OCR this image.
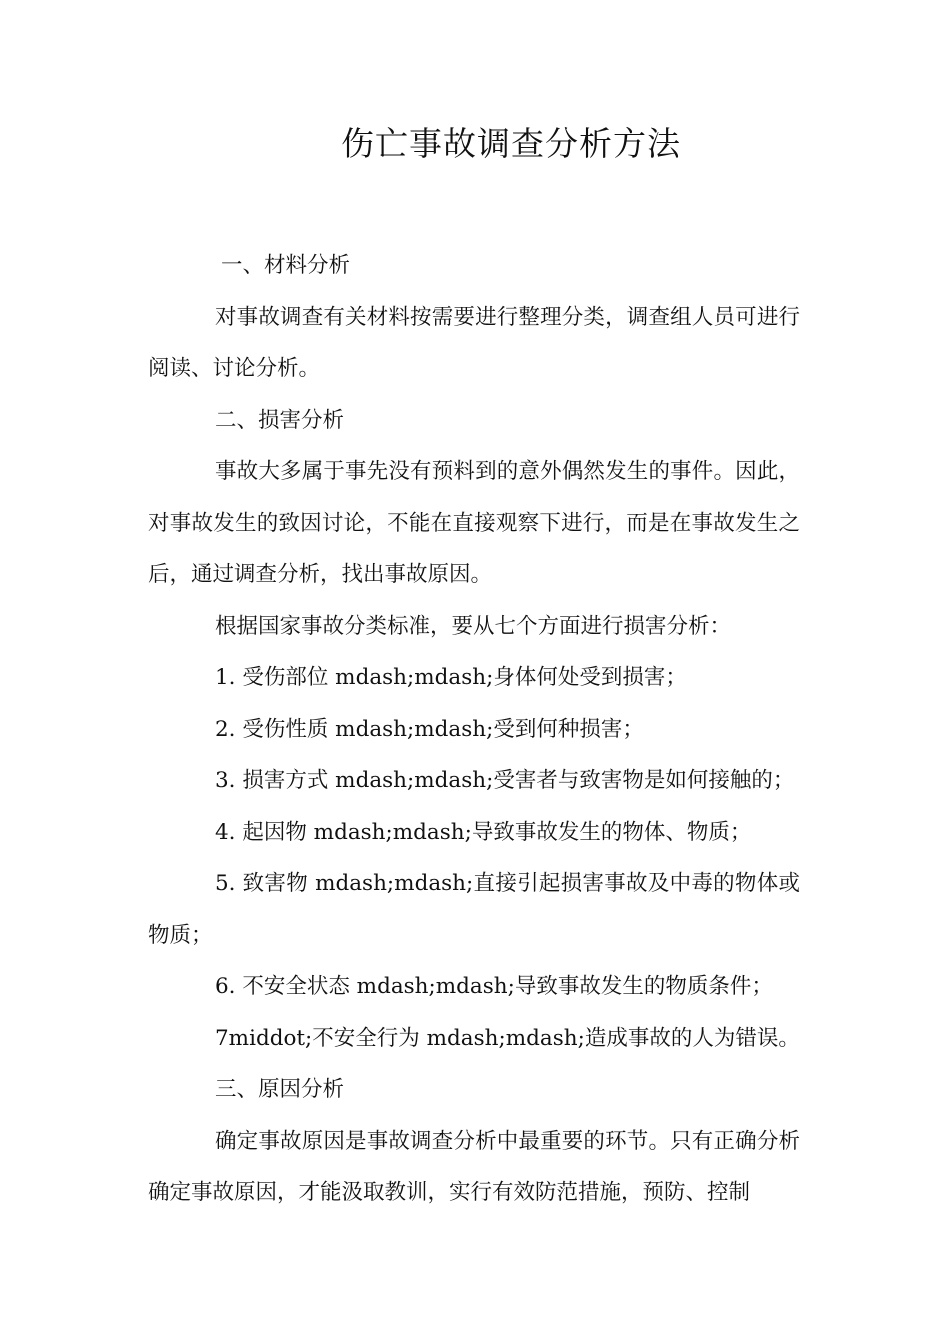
伤亡事故调查分析方法

一、材料分析

对事故调查有关材料按需要进行整理分类，调查组人员可进行阅读、讨论分析。

二、损害分析

事故大多属于事先没有预料到的意外偶然发生的事件。因此，对事故发生的致因讨论，不能在直接观察下进行，而是在事故发生之后，通过调查分析，找出事故原因。

根据国家事故分类标准，要从七个方面进行损害分析：

1. 受伤部位 mdash;mdash;身体何处受到损害；

2. 受伤性质 mdash;mdash;受到何种损害；

3. 损害方式 mdash;mdash;受害者与致害物是如何接触的；

4. 起因物 mdash;mdash;导致事故发生的物体、物质；

5. 致害物 mdash;mdash;直接引起损害事故及中毒的物体或物质；

6. 不安全状态 mdash;mdash;导致事故发生的物质条件；

7middot;不安全行为 mdash;mdash;造成事故的人为错误。

三、原因分析

确定事故原因是事故调查分析中最重要的环节。只有正确分析确定事故原因，才能汲取教训，实行有效防范措施，预防、控制
